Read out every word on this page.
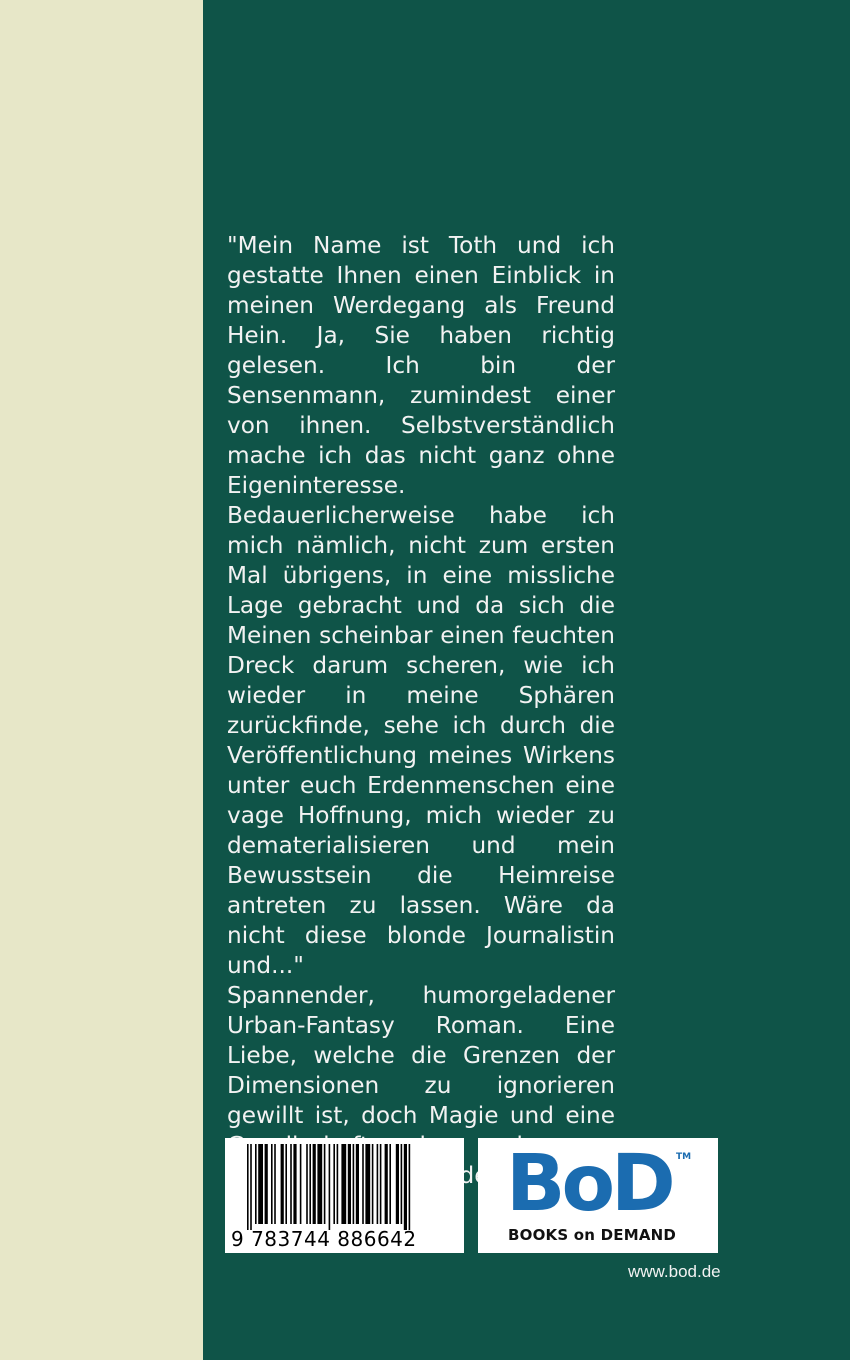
"Mein Name ist Toth und ich gestatte Ihnen einen Einblick in meinen Werdegang als Freund Hein. Ja, Sie haben richtig gelesen. Ich bin der Sensenmann, zumindest einer von ihnen. Selbstverständlich mache ich das nicht ganz ohne Eigeninteresse. Bedauerlicherweise habe ich mich nämlich, nicht zum ersten Mal übrigens, in eine missliche Lage gebracht und da sich die Meinen scheinbar einen feuchten Dreck darum scheren, wie ich wieder in meine Sphären zurückfinde, sehe ich durch die Veröffentlichung meines Wirkens unter euch Erdenmenschen eine vage Hoffnung, mich wieder zu dematerialisieren und mein Bewusstsein die Heimreise antreten zu lassen. Wäre da nicht diese blonde Journalistin und..."

Spannender, humorgeladener Urban-Fantasy Roman. Eine Liebe, welche die Grenzen der Dimensionen zu ignorieren gewillt ist, doch Magie und eine andere

9 783744 886642
BoD TM
BOOKS on DEMAND
www.bod.de
